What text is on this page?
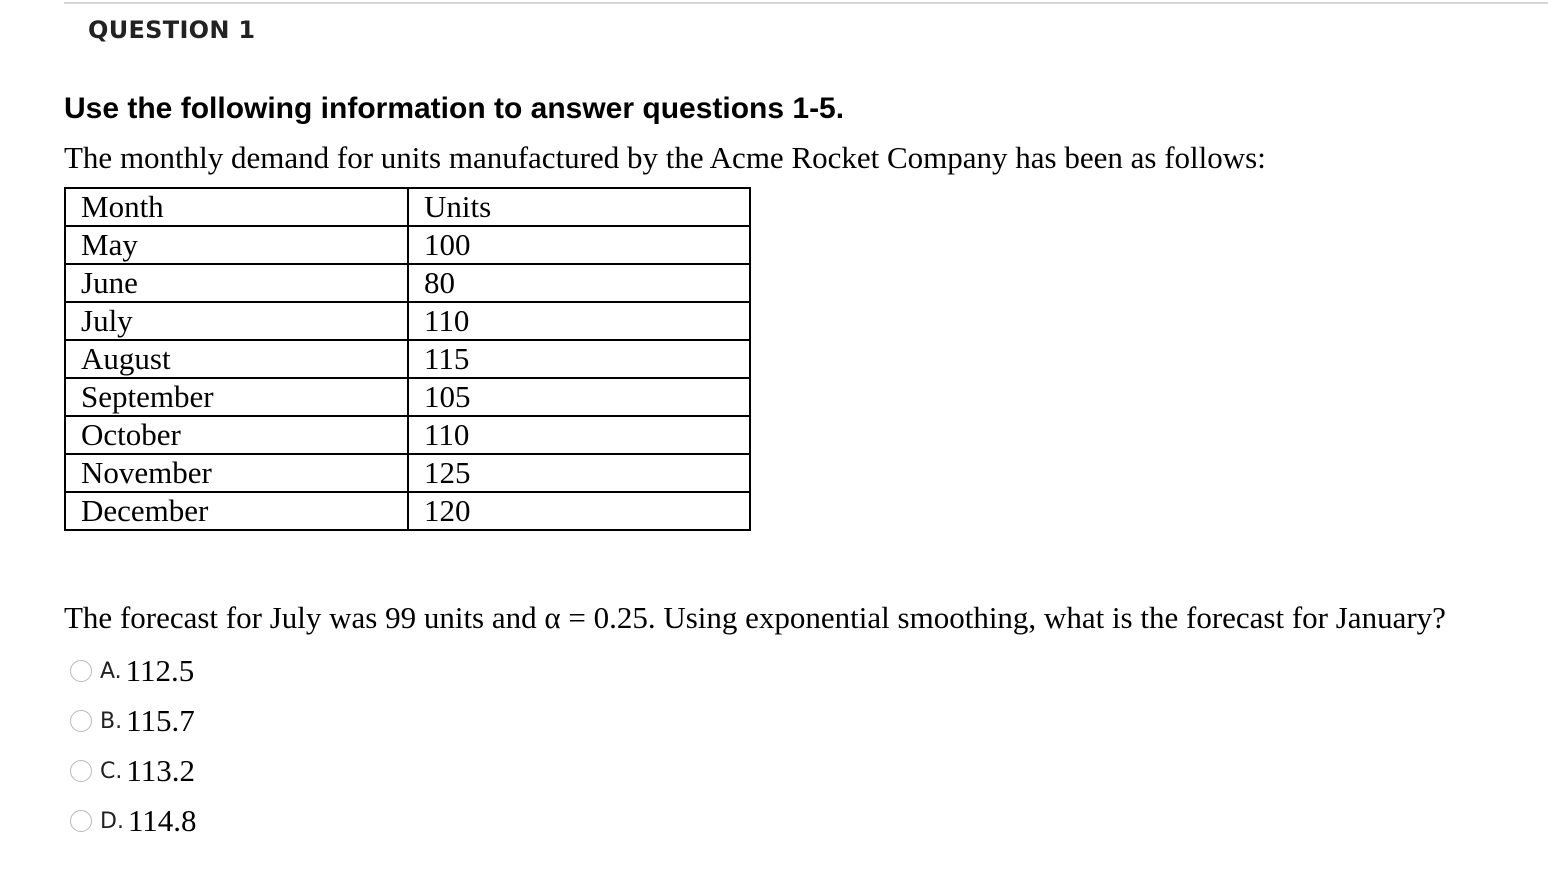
QUESTION 1
Use the following information to answer questions 1-5.
The monthly demand for units manufactured by the Acme Rocket Company has been as follows:
Month	Units
May	100
June	80
July	110
August	115
September	105
October	110
November	125
December	120
The forecast for July was 99 units and α = 0.25. Using exponential smoothing, what is the forecast for January?
A. 112.5
B. 115.7
C. 113.2
D. 114.8
